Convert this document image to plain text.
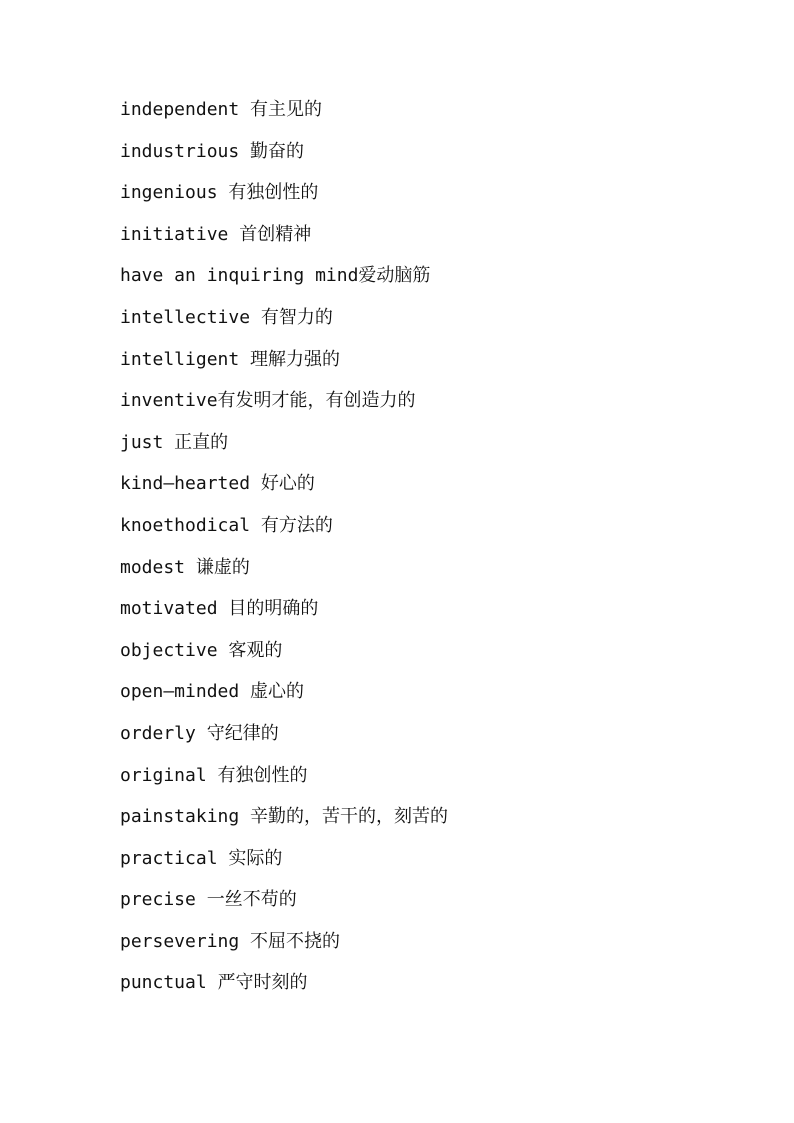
independent 有主见的
industrious 勤奋的
ingenious 有独创性的
initiative 首创精神
have an inquiring mind爱动脑筋
intellective 有智力的
intelligent 理解力强的
inventive有发明才能，有创造力的
just 正直的
kind—hearted 好心的
knoethodical 有方法的
modest 谦虚的
motivated 目的明确的
objective 客观的
open—minded 虚心的
orderly 守纪律的
original 有独创性的
painstaking 辛勤的，苦干的，刻苦的
practical 实际的
precise 一丝不苟的
persevering 不屈不挠的
punctual 严守时刻的
